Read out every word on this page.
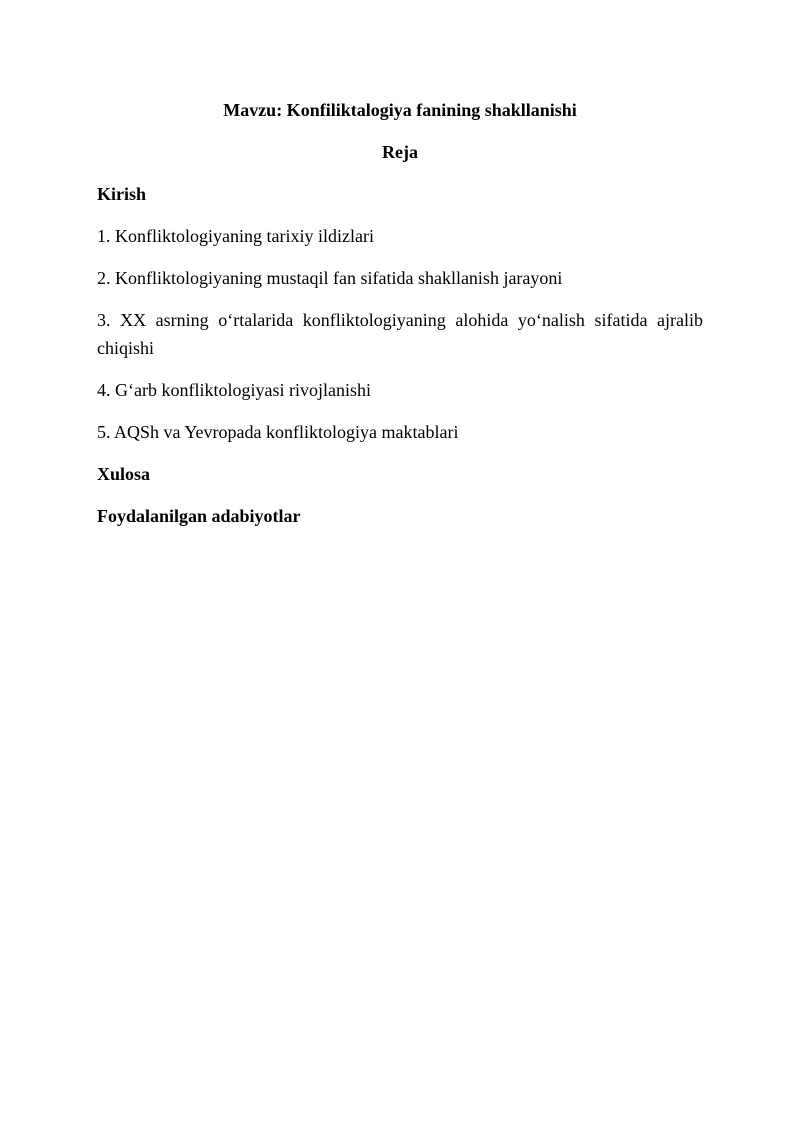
Mavzu: Konfiliktalogiya fanining shakllanishi

Reja

Kirish

1. Konfliktologiyaning tarixiy ildizlari

2. Konfliktologiyaning mustaqil fan sifatida shakllanish jarayoni

3. XX asrning o‘rtalarida konfliktologiyaning alohida yo‘nalish sifatida ajralib chiqishi

4. G‘arb konfliktologiyasi rivojlanishi

5. AQSh va Yevropada konfliktologiya maktablari

Xulosa

Foydalanilgan adabiyotlar
